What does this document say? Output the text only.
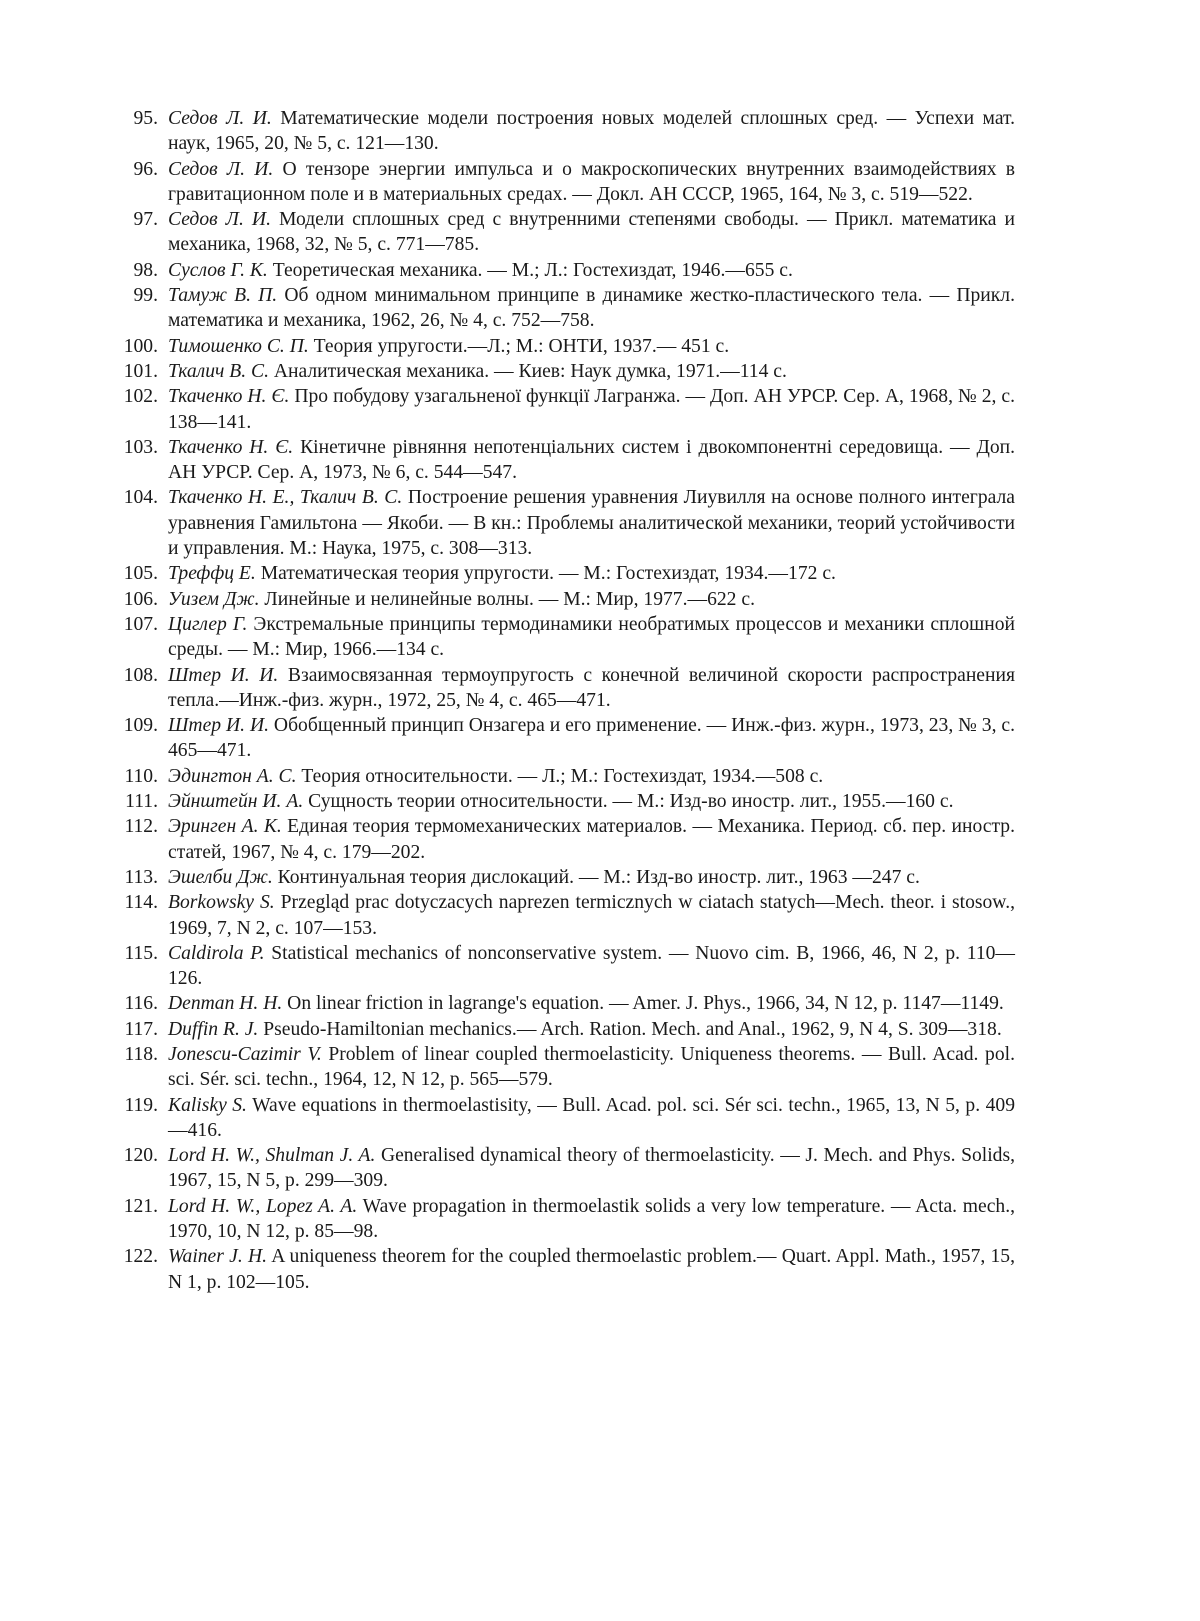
95. Седов Л. И. Математические модели построения новых моделей сплошных сред. — Успехи мат. наук, 1965, 20, № 5, с. 121—130.
96. Седов Л. И. О тензоре энергии импульса и о макроскопических внутренних взаимодействиях в гравитационном поле и в материальных средах. — Докл. АН СССР, 1965, 164, № 3, с. 519—522.
97. Седов Л. И. Модели сплошных сред с внутренними степенями свободы. — Прикл. математика и механика, 1968, 32, № 5, с. 771—785.
98. Суслов Г. К. Теоретическая механика. — М.; Л.: Гостехиздат, 1946.—655 с.
99. Тамуж В. П. Об одном минимальном принципе в динамике жестко-пластического тела. — Прикл. математика и механика, 1962, 26, № 4, с. 752—758.
100. Тимошенко С. П. Теория упругости.—Л.; М.: ОНТИ, 1937.— 451 с.
101. Ткалич В. С. Аналитическая механика. — Киев: Наук думка, 1971.—114 с.
102. Ткаченко Н. Є. Про побудову узагальненої функції Лагранжа. — Доп. АН УРСР. Сер. А, 1968, № 2, с. 138—141.
103. Ткаченко Н. Є. Кінетичне рівняння непотенціальних систем і двокомпонентні середовища. — Доп. АН УРСР. Сер. А, 1973, № 6, с. 544—547.
104. Ткаченко Н. Е., Ткалич В. С. Построение решения уравнения Лиувилля на основе полного интеграла уравнения Гамильтона — Якоби. — В кн.: Проблемы аналитической механики, теорий устойчивости и управления. М.: Наука, 1975, с. 308—313.
105. Треффц Е. Математическая теория упругости. — М.: Гостехиздат, 1934.—172 с.
106. Уизем Дж. Линейные и нелинейные волны. — М.: Мир, 1977.—622 с.
107. Циглер Г. Экстремальные принципы термодинамики необратимых процессов и механики сплошной среды. — М.: Мир, 1966.—134 с.
108. Штер И. И. Взаимосвязанная термоупругость с конечной величиной скорости распространения тепла.—Инж.-физ. журн., 1972, 25, № 4, с. 465—471.
109. Штер И. И. Обобщенный принцип Онзагера и его применение. — Инж.-физ. журн., 1973, 23, № 3, с. 465—471.
110. Эдингтон А. С. Теория относительности. — Л.; М.: Гостехиздат, 1934.—508 с.
111. Эйнштейн И. А. Сущность теории относительности. — М.: Изд-во иностр. лит., 1955.—160 с.
112. Эринген А. К. Единая теория термомеханических материалов. — Механика. Период. сб. пер. иностр. статей, 1967, № 4, с. 179—202.
113. Эшелби Дж. Континуальная теория дислокаций. — М.: Изд-во иностр. лит., 1963 —247 с.
114. Borkowsky S. Przegląd prac dotyczacych naprezen termicznych w ciatach statych—Mech. theor. i stosow., 1969, 7, N 2, c. 107—153.
115. Caldirola P. Statistical mechanics of nonconservative system. — Nuovo cim. B, 1966, 46, N 2, p. 110—126.
116. Denman H. H. On linear friction in lagrange's equation. — Amer. J. Phys., 1966, 34, N 12, p. 1147—1149.
117. Duffin R. J. Pseudo-Hamiltonian mechanics.— Arch. Ration. Mech. and Anal., 1962, 9, N 4, S. 309—318.
118. Jonescu-Cazimir V. Problem of linear coupled thermoelasticity. Uniqueness theorems. — Bull. Acad. pol. sci. Sér. sci. techn., 1964, 12, N 12, p. 565—579.
119. Kalisky S. Wave equations in thermoelastisity, — Bull. Acad. pol. sci. Sér sci. techn., 1965, 13, N 5, p. 409—416.
120. Lord H. W., Shulman J. A. Generalised dynamical theory of thermoelasticity. — J. Mech. and Phys. Solids, 1967, 15, N 5, p. 299—309.
121. Lord H. W., Lopez A. A. Wave propagation in thermoelastik solids a very low temperature. — Acta. mech., 1970, 10, N 12, p. 85—98.
122. Wainer J. H. A uniqueness theorem for the coupled thermoelastic problem.— Quart. Appl. Math., 1957, 15, N 1, p. 102—105.
